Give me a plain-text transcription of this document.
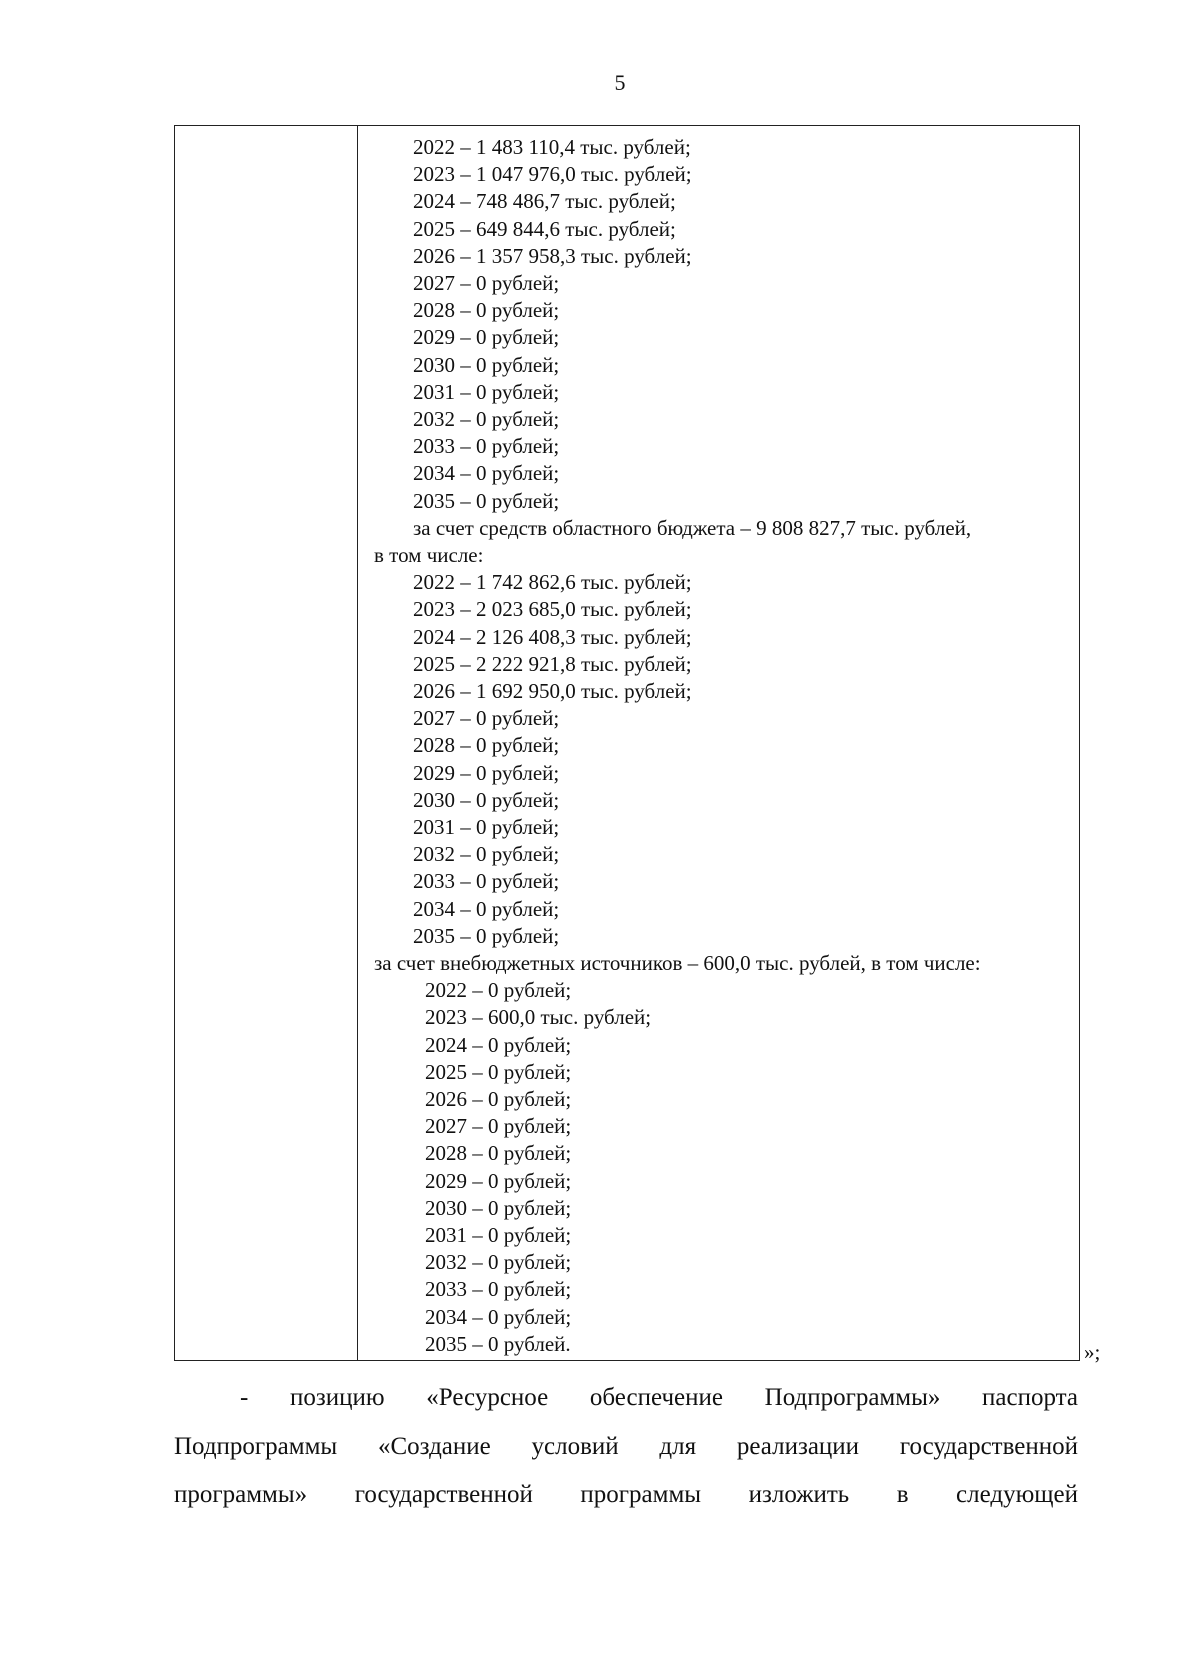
5
2022 – 1 483 110,4 тыс. рублей;
2023 – 1 047 976,0 тыс. рублей;
2024 – 748 486,7 тыс. рублей;
2025 – 649 844,6 тыс. рублей;
2026 – 1 357 958,3 тыс. рублей;
2027 – 0 рублей;
2028 – 0 рублей;
2029 – 0 рублей;
2030 – 0 рублей;
2031 – 0 рублей;
2032 – 0 рублей;
2033 – 0 рублей;
2034 – 0 рублей;
2035 – 0 рублей;
за счет средств областного бюджета – 9 808 827,7 тыс. рублей,
в том числе:
2022 – 1 742 862,6 тыс. рублей;
2023 – 2 023 685,0 тыс. рублей;
2024 – 2 126 408,3 тыс. рублей;
2025 – 2 222 921,8 тыс. рублей;
2026 – 1 692 950,0 тыс. рублей;
2027 – 0 рублей;
2028 – 0 рублей;
2029 – 0 рублей;
2030 – 0 рублей;
2031 – 0 рублей;
2032 – 0 рублей;
2033 – 0 рублей;
2034 – 0 рублей;
2035 – 0 рублей;
за счет внебюджетных источников – 600,0 тыс. рублей, в том числе:
2022 – 0 рублей;
2023 – 600,0 тыс. рублей;
2024 – 0 рублей;
2025 – 0 рублей;
2026 – 0 рублей;
2027 – 0 рублей;
2028 – 0 рублей;
2029 – 0 рублей;
2030 – 0 рублей;
2031 – 0 рублей;
2032 – 0 рублей;
2033 – 0 рублей;
2034 – 0 рублей;
2035 – 0 рублей.	»;
- позицию «Ресурсное обеспечение Подпрограммы» паспорта
Подпрограммы «Создание условий для реализации государственной
программы» государственной программы изложить в следующей
